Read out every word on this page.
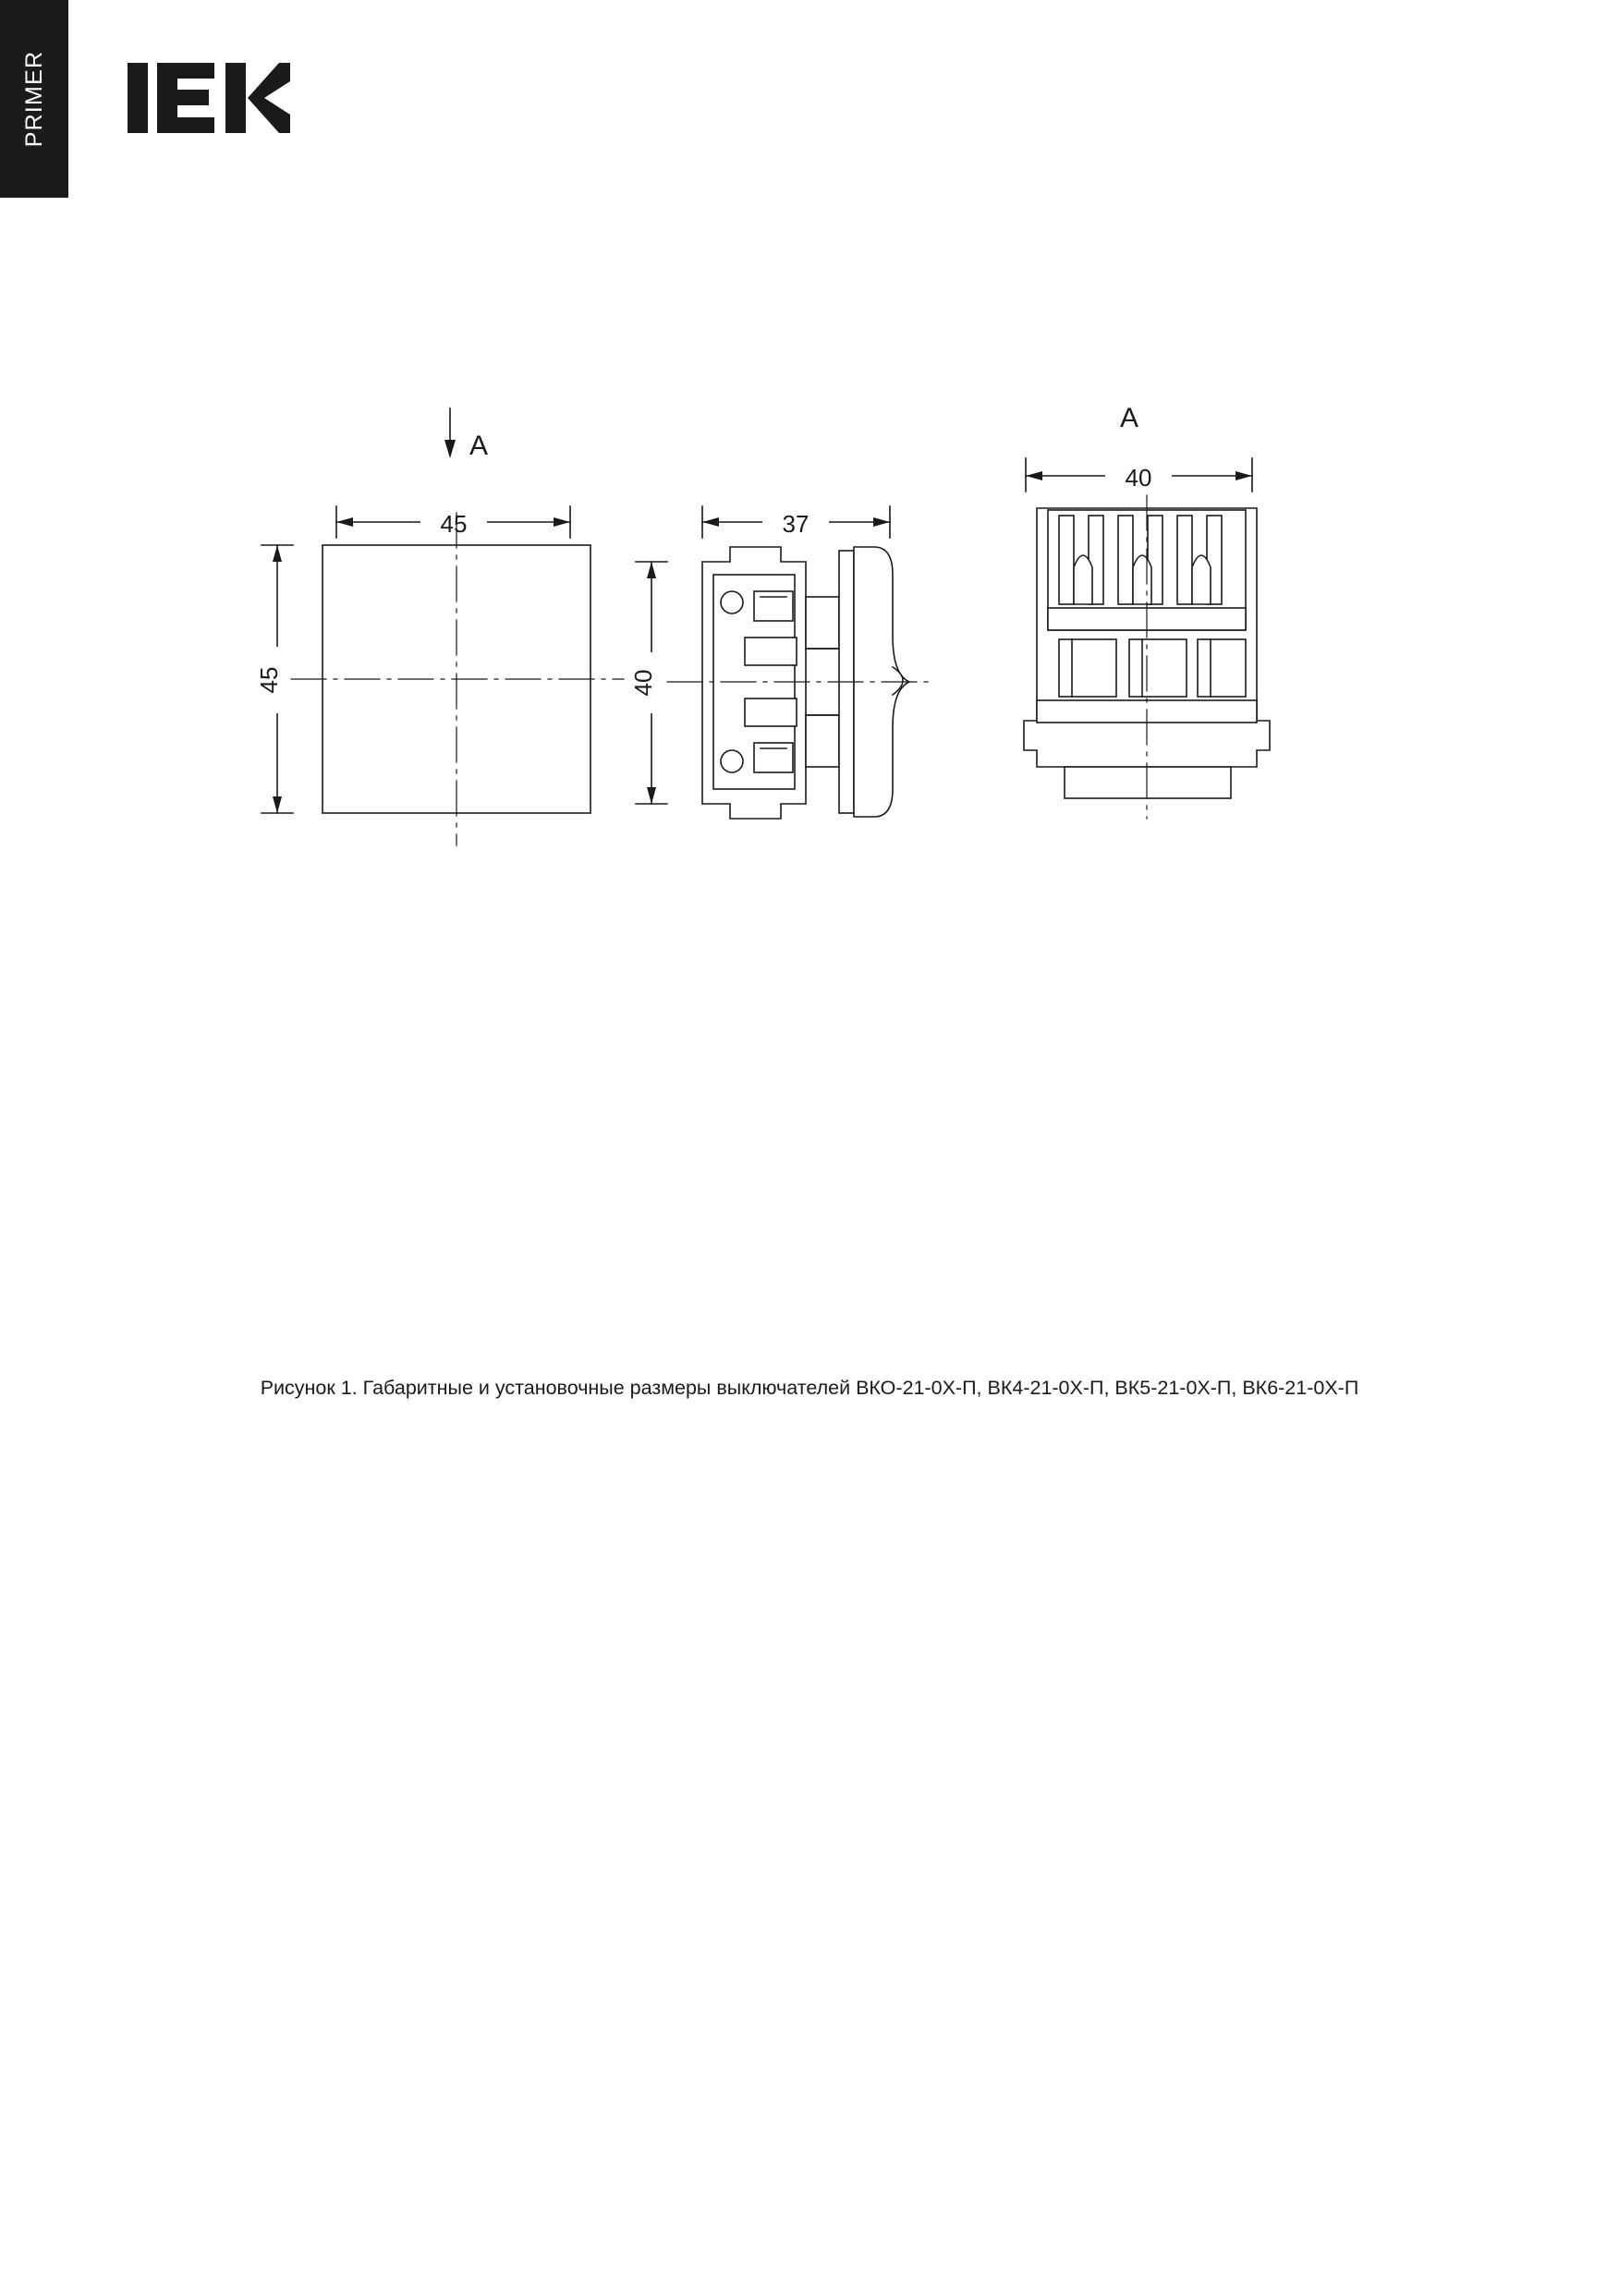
PRIMER
A
45
45
37
40
A
40
Рисунок 1. Габаритные и установочные размеры выключателей ВКО-21-0Х-П, ВК4-21-0Х-П, ВК5-21-0Х-П, ВК6-21-0Х-П
